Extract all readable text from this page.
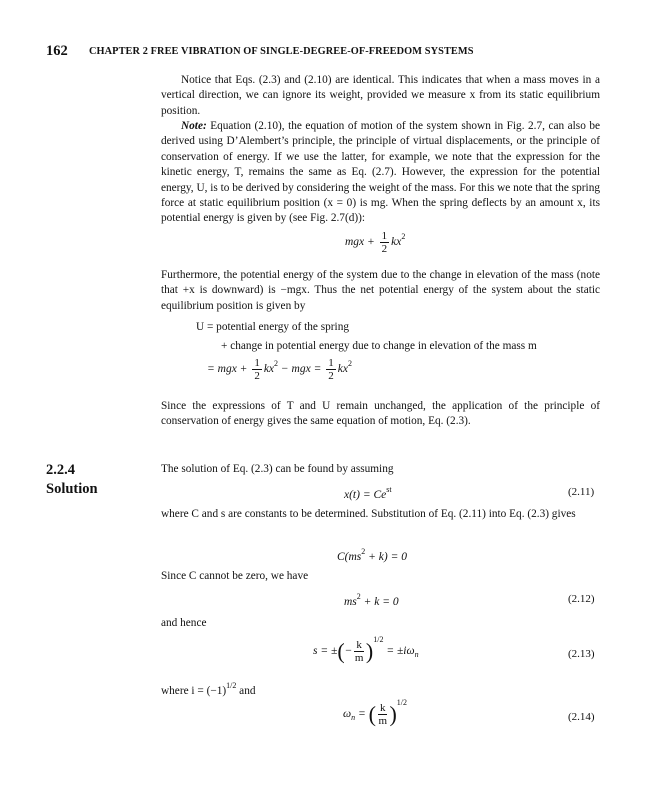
162 CHAPTER 2 FREE VIBRATION OF SINGLE-DEGREE-OF-FREEDOM SYSTEMS

Notice that Eqs. (2.3) and (2.10) are identical. This indicates that when a mass moves in a vertical direction, we can ignore its weight, provided we measure x from its static equilibrium position.

Note: Equation (2.10), the equation of motion of the system shown in Fig. 2.7, can also be derived using D’Alembert’s principle, the principle of virtual displacements, or the principle of conservation of energy. If we use the latter, for example, we note that the expression for the kinetic energy, T, remains the same as Eq. (2.7). However, the expression for the potential energy, U, is to be derived by considering the weight of the mass. For this we note that the spring force at static equilibrium position (x = 0) is mg. When the spring deflects by an amount x, its potential energy is given by (see Fig. 2.7(d)):

mgx + $\frac{1}{2} kx^2$

Furthermore, the potential energy of the system due to the change in elevation of the mass (note that +x is downward) is −mgx. Thus the net potential energy of the system about the static equilibrium position is given by

U = potential energy of the spring
+ change in potential energy due to change in elevation of the mass m
= mgx + $\frac{1}{2} kx^2$ − mgx = $\frac{1}{2} kx^2$

Since the expressions of T and U remain unchanged, the application of the principle of conservation of energy gives the same equation of motion, Eq. (2.3).

2.2.4
Solution

The solution of Eq. (2.3) can be found by assuming

$x(t) = Ce^{st}$	(2.11)

where C and s are constants to be determined. Substitution of Eq. (2.11) into Eq. (2.3) gives

$C(ms^2 + k) = 0$

Since C cannot be zero, we have

$ms^2 + k = 0$	(2.12)

and hence

s = ±(− $\frac{k}{m} )^{1/2} = \pm i\omega_n$	(2.13)

where $i = (-1)^{1/2}$ and

$\omega_n$ = ( $\frac{k}{m} )^{1/2}$
(2.14)
